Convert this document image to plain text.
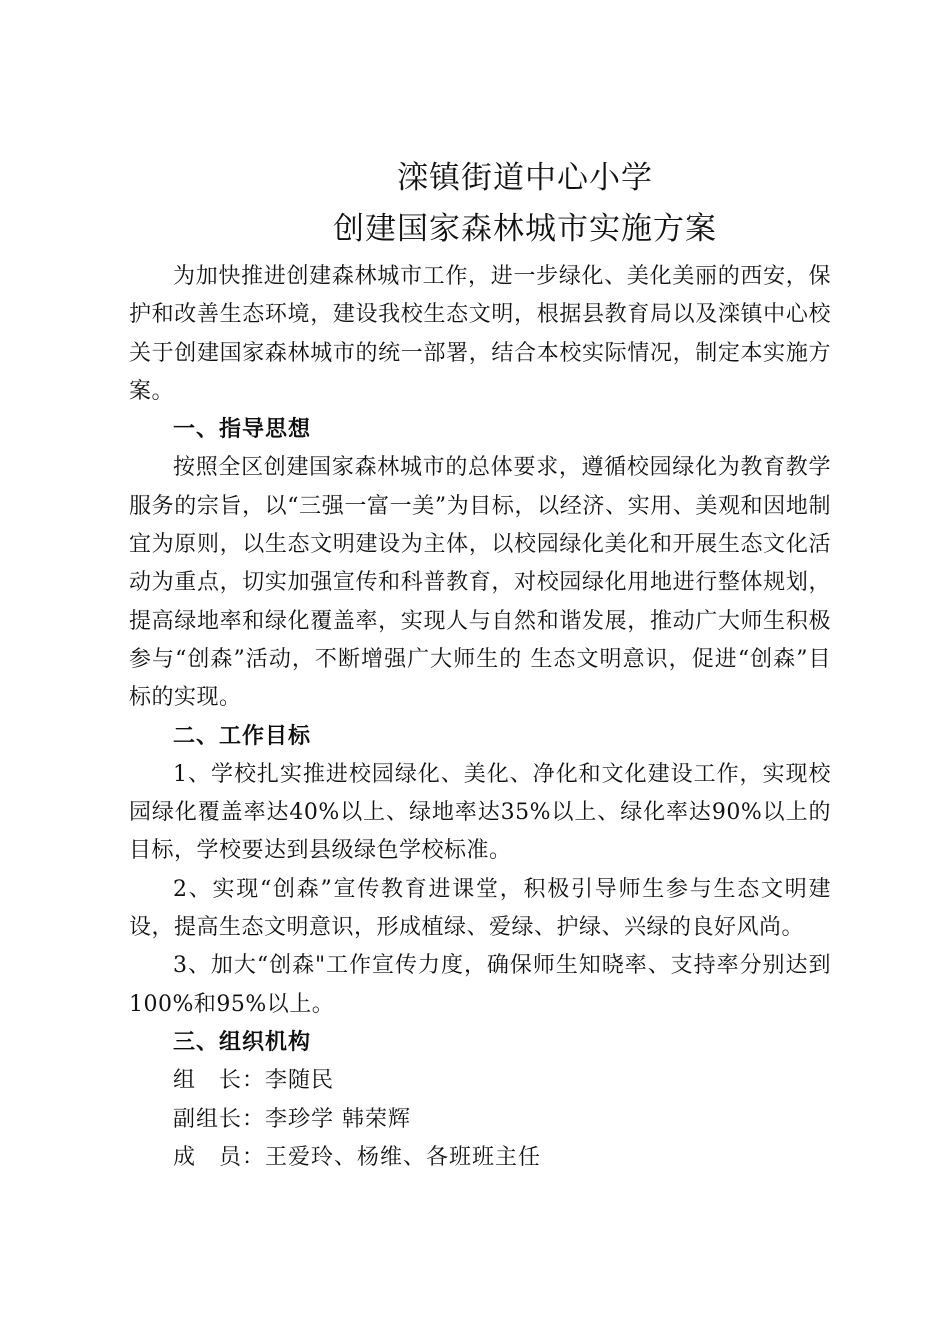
滦镇街道中心小学
创建国家森林城市实施方案

为加快推进创建森林城市工作，进一步绿化、美化美丽的西安，保护和改善生态环境，建设我校生态文明，根据县教育局以及滦镇中心校关于创建国家森林城市的统一部署，结合本校实际情况，制定本实施方案。

一、指导思想

按照全区创建国家森林城市的总体要求，遵循校园绿化为教育教学服务的宗旨，以“三强一富一美”为目标，以经济、实用、美观和因地制宜为原则，以生态文明建设为主体，以校园绿化美化和开展生态文化活动为重点，切实加强宣传和科普教育，对校园绿化用地进行整体规划，提高绿地率和绿化覆盖率，实现人与自然和谐发展，推动广大师生积极参与“创森”活动，不断增强广大师生的 生态文明意识，促进“创森”目标的实现。

二、工作目标

1、学校扎实推进校园绿化、美化、净化和文化建设工作，实现校园绿化覆盖率达40%以上、绿地率达35%以上、绿化率达90%以上的目标，学校要达到县级绿色学校标准。

2、实现“创森”宣传教育进课堂，积极引导师生参与生态文明建设，提高生态文明意识，形成植绿、爱绿、护绿、兴绿的良好风尚。

3、加大“创森"工作宣传力度，确保师生知晓率、支持率分别达到100%和95%以上。

三、组织机构

组　长：李随民

副组长：李珍学 韩荣辉

成　员：王爱玲、杨维、各班班主任
